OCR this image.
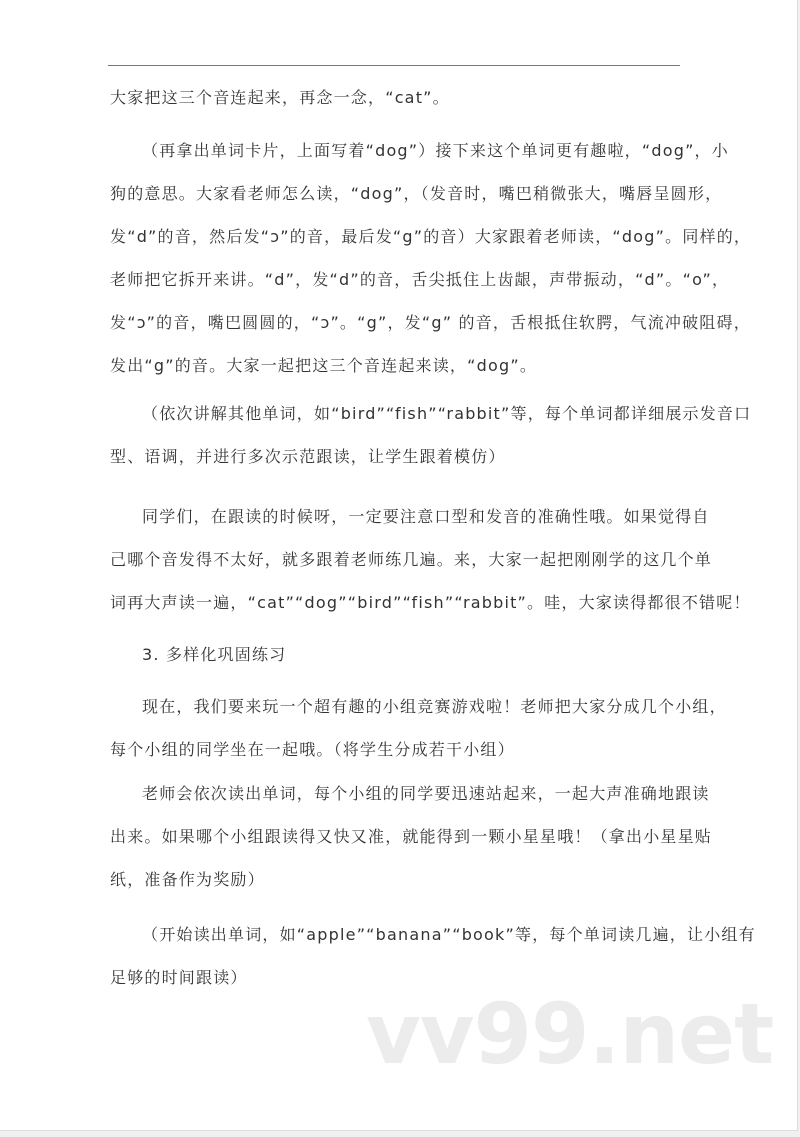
大家把这三个音连起来，再念一念，“cat”。
（再拿出单词卡片，上面写着“dog”）接下来这个单词更有趣啦，“dog”，小
狗的意思。大家看老师怎么读，“dog”，（发音时，嘴巴稍微张大，嘴唇呈圆形，
发“d”的音，然后发“ɔ”的音，最后发“g”的音）大家跟着老师读，“dog”。同样的，
老师把它拆开来讲。“d”，发“d”的音，舌尖抵住上齿龈，声带振动，“d”。“o”，
发“ɔ”的音，嘴巴圆圆的，“ɔ”。“g”，发“g” 的音，舌根抵住软腭，气流冲破阻碍，
发出“g”的音。大家一起把这三个音连起来读，“dog”。
（依次讲解其他单词，如“bird”“fish”“rabbit”等，每个单词都详细展示发音口
型、语调，并进行多次示范跟读，让学生跟着模仿）
同学们，在跟读的时候呀，一定要注意口型和发音的准确性哦。如果觉得自
己哪个音发得不太好，就多跟着老师练几遍。来，大家一起把刚刚学的这几个单
词再大声读一遍，“cat”“dog”“bird”“fish”“rabbit”。哇，大家读得都很不错呢！
3. 多样化巩固练习
现在，我们要来玩一个超有趣的小组竞赛游戏啦！老师把大家分成几个小组，
每个小组的同学坐在一起哦。（将学生分成若干小组）
老师会依次读出单词，每个小组的同学要迅速站起来，一起大声准确地跟读
出来。如果哪个小组跟读得又快又准，就能得到一颗小星星哦！（拿出小星星贴
纸，准备作为奖励）
（开始读出单词，如“apple”“banana”“book”等，每个单词读几遍，让小组有
足够的时间跟读）
vv99.net
